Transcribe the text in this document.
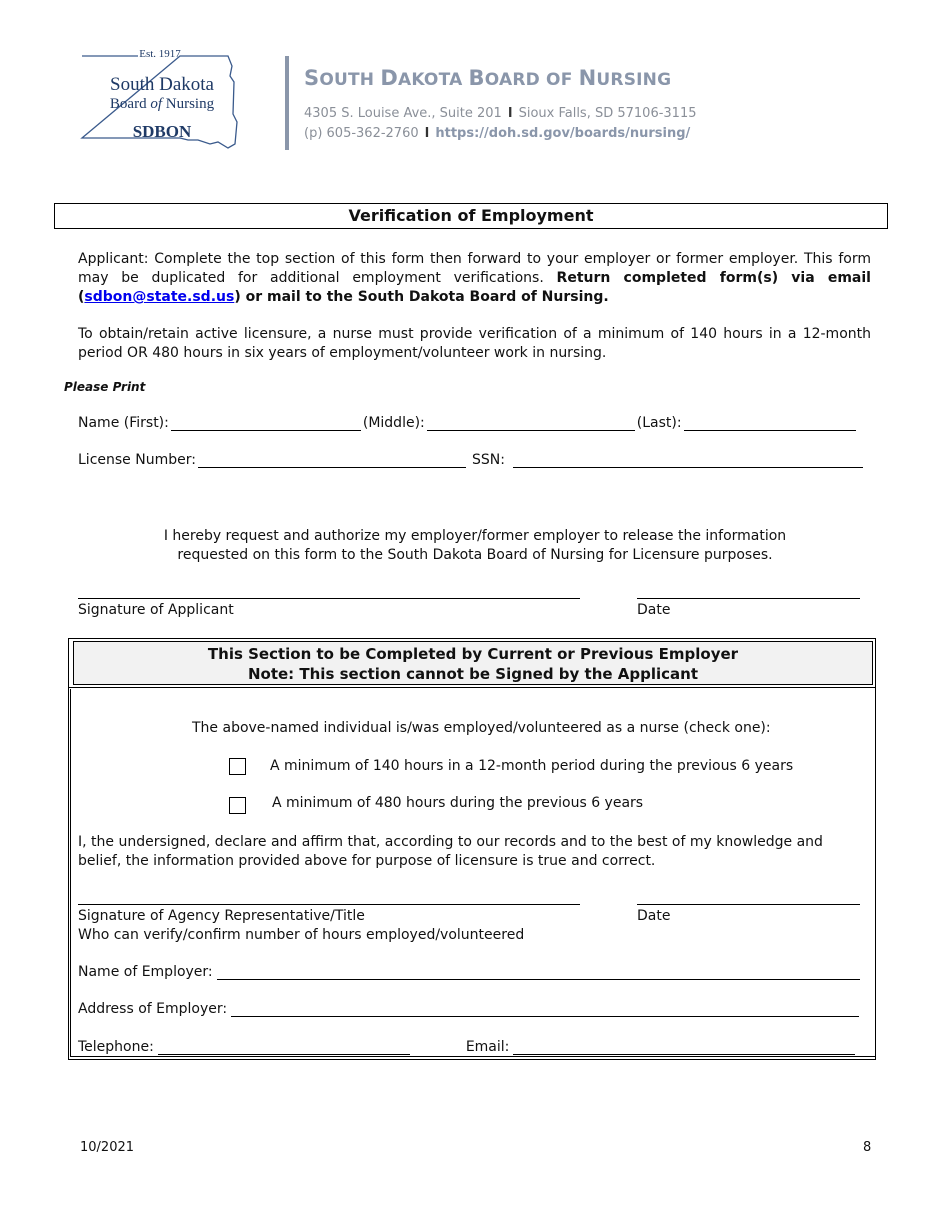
Est. 1917
South Dakota
Board of Nursing
SDBON
SOUTH DAKOTA BOARD OF NURSING
4305 S. Louise Ave., Suite 201 l Sioux Falls, SD 57106-3115
(p) 605-362-2760 l https://doh.sd.gov/boards/nursing/
Verification of Employment
Applicant: Complete the top section of this form then forward to your employer or former employer. This form may be duplicated for additional employment verifications. Return completed form(s) via email (sdbon@state.sd.us) or mail to the South Dakota Board of Nursing.
To obtain/retain active licensure, a nurse must provide verification of a minimum of 140 hours in a 12-month period OR 480 hours in six years of employment/volunteer work in nursing.
Please Print
Name (First):	(Middle):	(Last):
License Number:	SSN:
I hereby request and authorize my employer/former employer to release the information
requested on this form to the South Dakota Board of Nursing for Licensure purposes.
Signature of Applicant	Date
This Section to be Completed by Current or Previous Employer
Note: This section cannot be Signed by the Applicant
The above-named individual is/was employed/volunteered as a nurse (check one):
A minimum of 140 hours in a 12-month period during the previous 6 years
A minimum of 480 hours during the previous 6 years
I, the undersigned, declare and affirm that, according to our records and to the best of my knowledge and belief, the information provided above for purpose of licensure is true and correct.
Signature of Agency Representative/Title	Date
Who can verify/confirm number of hours employed/volunteered
Name of Employer:
Address of Employer:
Telephone:	Email:
10/2021	8
